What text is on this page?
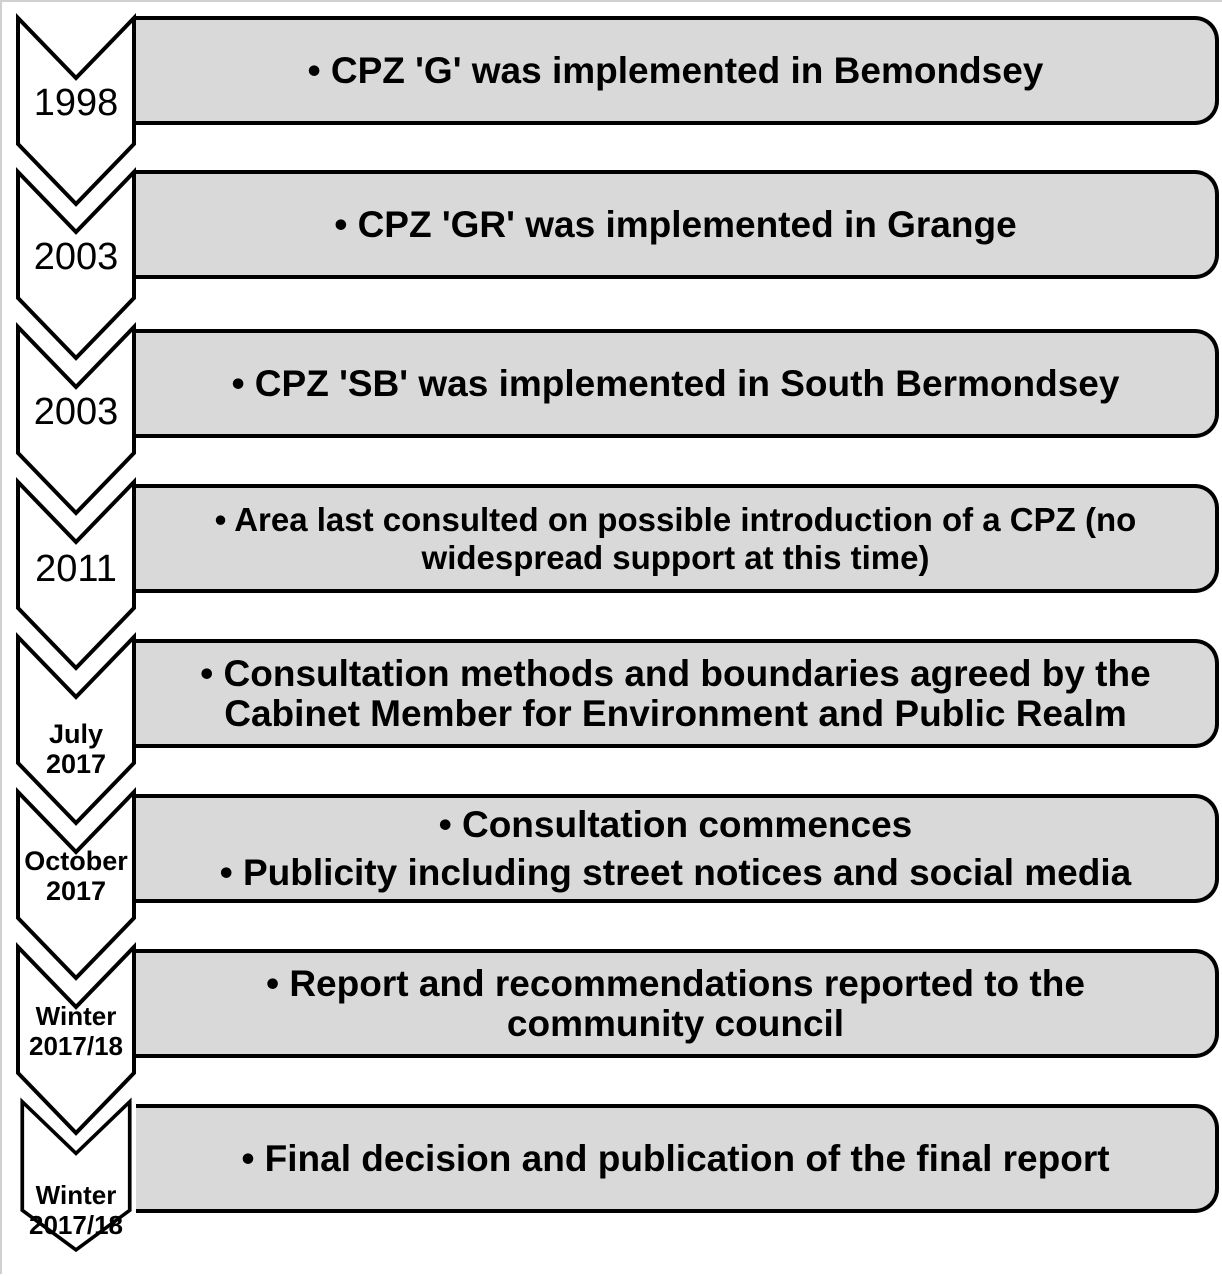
• CPZ 'G' was implemented in Bemondsey
1998
• CPZ 'GR' was implemented in Grange
2003
• CPZ 'SB' was implemented in South Bermondsey
2003
• Area last consulted on possible introduction of a CPZ (no widespread support at this time)
2011
• Consultation methods and boundaries agreed by the Cabinet Member for Environment and Public Realm
July 2017
• Consultation commences
• Publicity including street notices and social media
October 2017
• Report and recommendations reported to the community council
Winter 2017/18
• Final decision and publication of the final report
Winter 2017/18
